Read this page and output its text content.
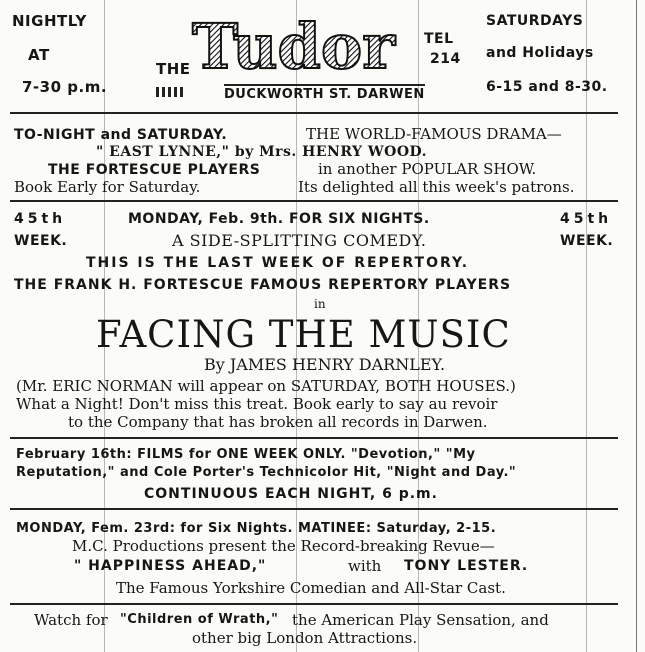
NIGHTLY
AT
7-30 p.m.
THE Tudor TEL
214
DUCKWORTH ST. DARWEN
SATURDAYS
and Holidays
6-15 and 8-30.
TO-NIGHT and SATURDAY.	THE WORLD-FAMOUS DRAMA—
" EAST LYNNE," by Mrs. HENRY WOOD.
THE FORTESCUE PLAYERS	in another POPULAR SHOW.
Book Early for Saturday.	Its delighted all this week's patrons.
45th
WEEK.
MONDAY, Feb. 9th. FOR SIX NIGHTS.	45th
WEEK.
A SIDE-SPLITTING COMEDY.
THIS IS THE LAST WEEK OF REPERTORY.
THE FRANK H. FORTESCUE FAMOUS REPERTORY PLAYERS
in
FACING THE MUSIC
By JAMES HENRY DARNLEY.
(Mr. ERIC NORMAN will appear on SATURDAY, BOTH HOUSES.)
What a Night! Don't miss this treat. Book early to say au revoir
to the Company that has broken all records in Darwen.
February 16th: FILMS for ONE WEEK ONLY. "Devotion," "My
Reputation," and Cole Porter's Technicolor Hit, "Night and Day."
CONTINUOUS EACH NIGHT, 6 p.m.
MONDAY, Fem. 23rd: for Six Nights. MATINEE: Saturday, 2-15.
M.C. Productions present the Record-breaking Revue—
" HAPPINESS AHEAD,"	with TONY LESTER.
The Famous Yorkshire Comedian and All-Star Cast.
Watch for "Children of Wrath," the American Play Sensation, and
other big London Attractions.
